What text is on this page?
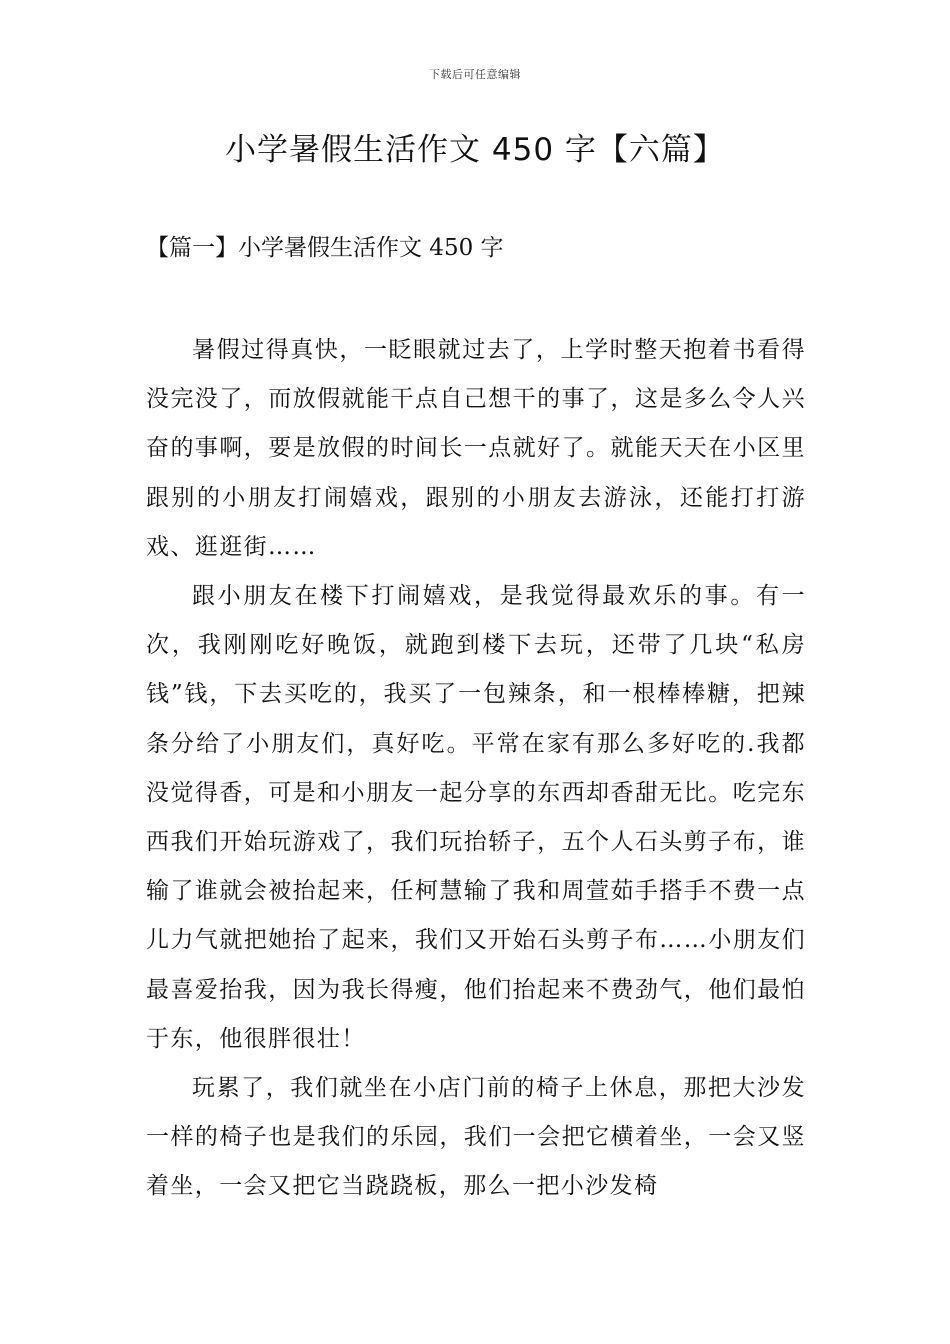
下载后可任意编辑
小学暑假生活作文 450 字【六篇】
【篇一】小学暑假生活作文 450 字

暑假过得真快，一眨眼就过去了，上学时整天抱着书看得没完没了，而放假就能干点自己想干的事了，这是多么令人兴奋的事啊，要是放假的时间长一点就好了。就能天天在小区里跟别的小朋友打闹嬉戏，跟别的小朋友去游泳，还能打打游戏、逛逛街……

跟小朋友在楼下打闹嬉戏，是我觉得最欢乐的事。有一次，我刚刚吃好晚饭，就跑到楼下去玩，还带了几块“私房钱”钱，下去买吃的，我买了一包辣条，和一根棒棒糖，把辣条分给了小朋友们，真好吃。平常在家有那么多好吃的.我都没觉得香，可是和小朋友一起分享的东西却香甜无比。吃完东西我们开始玩游戏了，我们玩抬轿子，五个人石头剪子布，谁输了谁就会被抬起来，任柯慧输了我和周萱茹手搭手不费一点儿力气就把她抬了起来，我们又开始石头剪子布……小朋友们最喜爱抬我，因为我长得瘦，他们抬起来不费劲气，他们最怕于东，他很胖很壮！

玩累了，我们就坐在小店门前的椅子上休息，那把大沙发一样的椅子也是我们的乐园，我们一会把它横着坐，一会又竖着坐，一会又把它当跷跷板，那么一把小沙发椅
